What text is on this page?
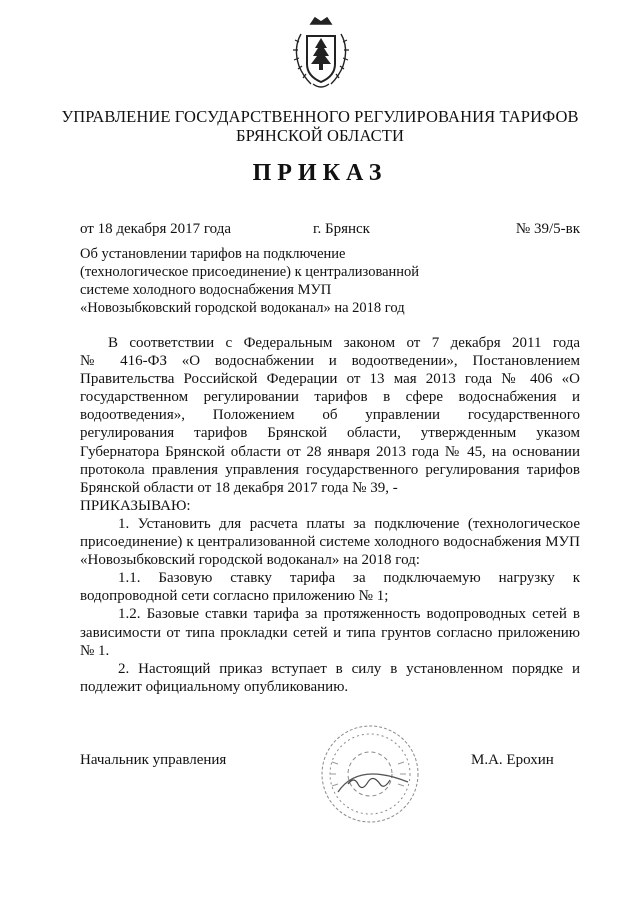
УПРАВЛЕНИЕ ГОСУДАРСТВЕННОГО РЕГУЛИРОВАНИЯ ТАРИФОВ
БРЯНСКОЙ ОБЛАСТИ
ПРИКАЗ
от 18 декабря 2017 года	г. Брянск	№ 39/5-вк
Об установлении тарифов на подключение
(технологическое присоединение) к централизованной
системе холодного водоснабжения МУП
«Новозыбковский городской водоканал» на 2018 год
В соответствии с Федеральным законом от 7 декабря 2011 года
№ 416-ФЗ «О водоснабжении и водоотведении», Постановлением
Правительства Российской Федерации от 13 мая 2013 года № 406 «О
государственном регулировании тарифов в сфере водоснабжения и
водоотведения», Положением об управлении государственного
регулирования тарифов Брянской области, утвержденным указом
Губернатора Брянской области от 28 января 2013 года № 45, на основании
протокола правления управления государственного регулирования тарифов
Брянской области от 18 декабря 2017 года № 39, -
ПРИКАЗЫВАЮ:
1. Установить для расчета платы за подключение (технологическое
присоединение) к централизованной системе холодного водоснабжения МУП
«Новозыбковский городской водоканал» на 2018 год:
1.1. Базовую ставку тарифа за подключаемую нагрузку к
водопроводной сети согласно приложению № 1;
1.2. Базовые ставки тарифа за протяженность водопроводных сетей в
зависимости от типа прокладки сетей и типа грунтов согласно приложению
№ 1.
2. Настоящий приказ вступает в силу в установленном порядке и
подлежит официальному опубликованию.
Начальник управления	М.А. Ерохин
